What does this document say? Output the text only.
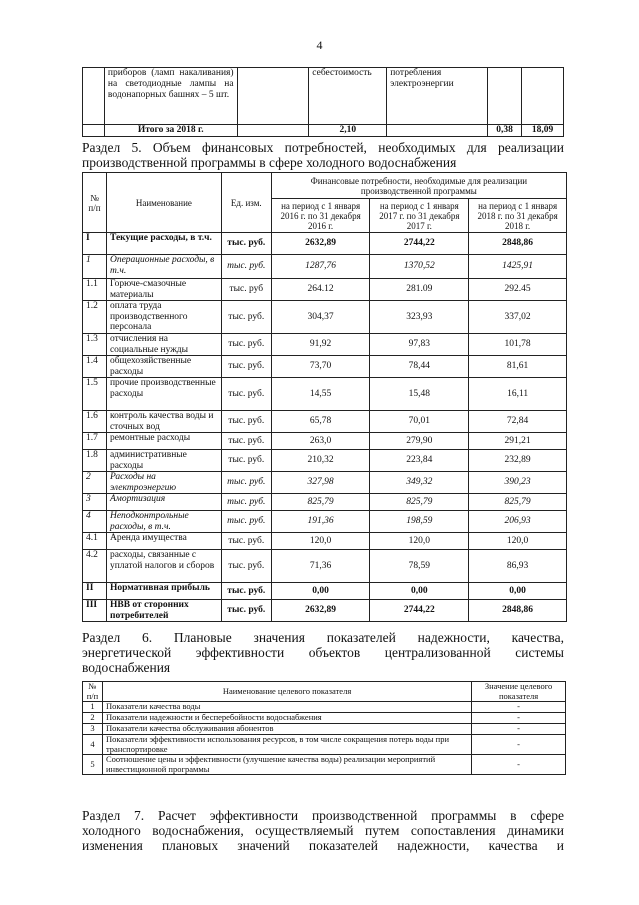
4
	приборов (ламп накаливания) на светодиодные лампы на водонапорных башнях – 5 шт.		себестоимость	потребления электроэнергии		
	Итого за 2018 г.		2,10		0,38	18,09
Раздел 5. Объем финансовых потребностей, необходимых для реализации
производственной программы в сфере холодного водоснабжения
№ п/п	Наименование	Ед. изм.	Финансовые потребности, необходимые для реализации производственной программы		
			на период с 1 января 2016 г. по 31 декабря 2016 г.	на период с 1 января 2017 г. по 31 декабря 2017 г.	на период с 1 января 2018 г. по 31 декабря 2018 г.
I	Текущие расходы, в т.ч.	тыс. руб.	2632,89	2744,22	2848,86
1	Операционные расходы, в т.ч.	тыс. руб.	1287,76	1370,52	1425,91
1.1	Горюче-смазочные материалы	тыс. руб	264.12	281.09	292.45
1.2	оплата труда производственного персонала	тыс. руб.	304,37	323,93	337,02
1.3	отчисления на социальные нужды	тыс. руб.	91,92	97,83	101,78
1.4	общехозяйственные расходы	тыс. руб.	73,70	78,44	81,61
1.5	прочие производственные расходы	тыс. руб.	14,55	15,48	16,11
1.6	контроль качества воды и сточных вод	тыс. руб.	65,78	70,01	72,84
1.7	ремонтные расходы	тыс. руб.	263,0	279,90	291,21
1.8	административные расходы	тыс. руб.	210,32	223,84	232,89
2	Расходы на электроэнергию	тыс. руб.	327,98	349,32	390,23
3	Амортизация	тыс. руб.	825,79	825,79	825,79
4	Неподконтрольные расходы, в т.ч.	тыс. руб.	191,36	198,59	206,93
4.1	Аренда имущества	тыс. руб.	120,0	120,0	120,0
4.2	расходы, связанные с уплатой налогов и сборов	тыс. руб.	71,36	78,59	86,93
II	Нормативная прибыль	тыс. руб.	0,00	0,00	0,00
III	НВВ от сторонних потребителей	тыс. руб.	2632,89	2744,22	2848,86
Раздел 6. Плановые значения показателей надежности, качества,
энергетической эффективности объектов централизованной системы
водоснабжения
№ п/п	Наименование целевого показателя	Значение целевого показателя
1	Показатели качества воды	-
2	Показатели надежности и бесперебойности водоснабжения	-
3	Показатели качества обслуживания абонентов	-
4	Показатели эффективности использования ресурсов, в том числе сокращения потерь воды при транспортировке	-
5	Соотношение цены и эффективности (улучшение качества воды) реализации мероприятий инвестиционной программы	-
Раздел 7. Расчет эффективности производственной программы в сфере
холодного водоснабжения, осуществляемый путем сопоставления динамики
изменения плановых значений показателей надежности, качества и
